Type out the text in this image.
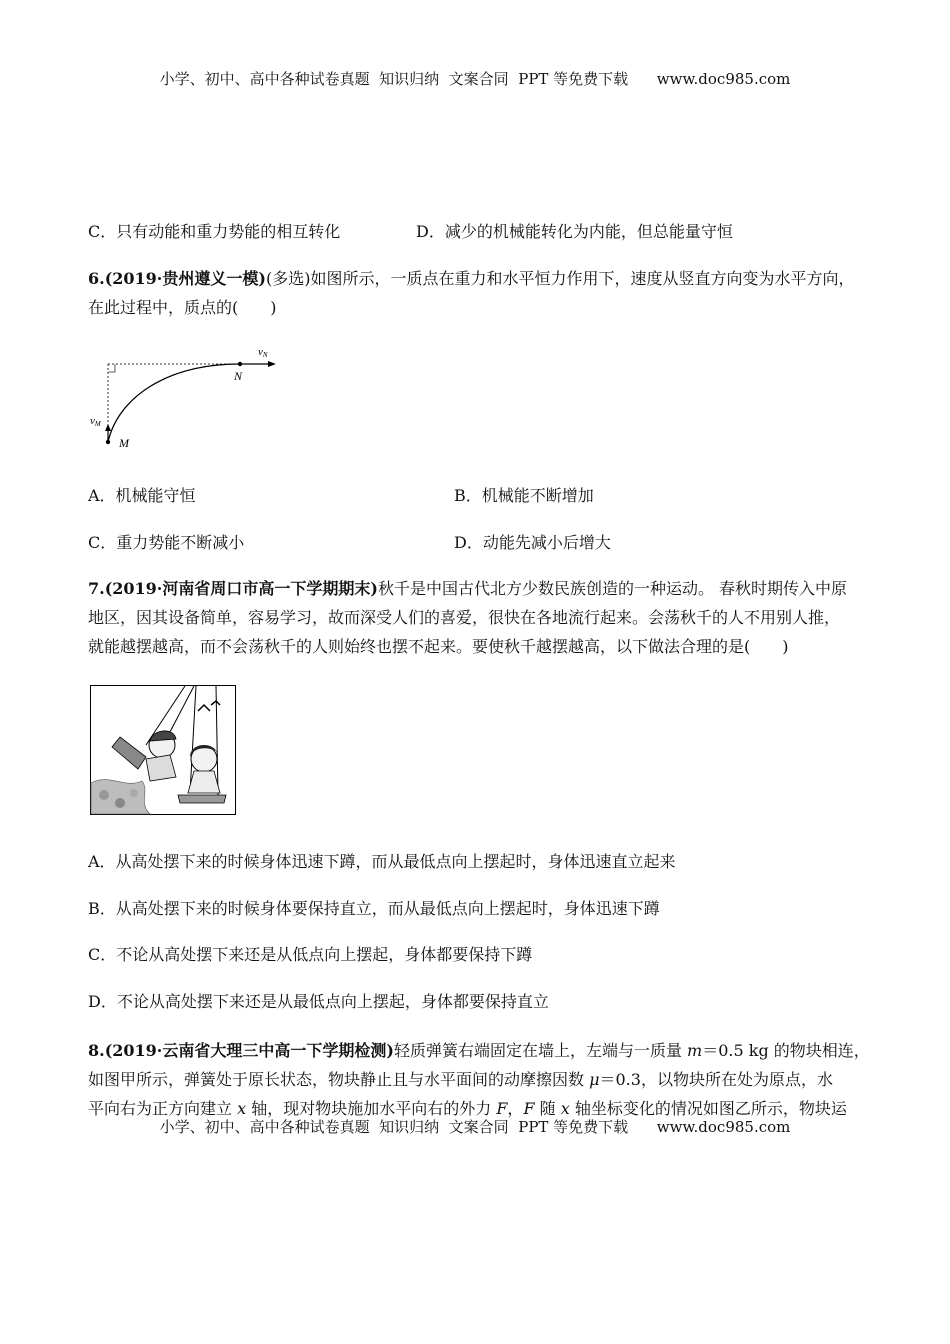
小学、初中、高中各种试卷真题  知识归纳  文案合同  PPT 等免费下载      www.doc985.com
C．只有动能和重力势能的相互转化	D．减少的机械能转化为内能，但总能量守恒
6.(2019·贵州遵义一模)(多选)如图所示，一质点在重力和水平恒力作用下，速度从竖直方向变为水平方向，
在此过程中，质点的(　　)
vN
N
vM
M
A．机械能守恒	B．机械能不断增加
C．重力势能不断减小	D．动能先减小后增大
7.(2019·河南省周口市高一下学期期末)秋千是中国古代北方少数民族创造的一种运动。 春秋时期传入中原
地区，因其设备简单，容易学习，故而深受人们的喜爱，很快在各地流行起来。会荡秋千的人不用别人推，
就能越摆越高，而不会荡秋千的人则始终也摆不起来。要使秋千越摆越高，以下做法合理的是(　　)
A．从高处摆下来的时候身体迅速下蹲，而从最低点向上摆起时，身体迅速直立起来
B．从高处摆下来的时候身体要保持直立，而从最低点向上摆起时，身体迅速下蹲
C．不论从高处摆下来还是从低点向上摆起，身体都要保持下蹲
D．不论从高处摆下来还是从最低点向上摆起，身体都要保持直立
8.(2019·云南省大理三中高一下学期检测)轻质弹簧右端固定在墙上，左端与一质量 m＝0.5 kg 的物块相连，
如图甲所示，弹簧处于原长状态，物块静止且与水平面间的动摩擦因数 μ＝0.3，以物块所在处为原点，水
平向右为正方向建立 x 轴，现对物块施加水平向右的外力 F，F 随 x 轴坐标变化的情况如图乙所示，物块运
小学、初中、高中各种试卷真题  知识归纳  文案合同  PPT 等免费下载      www.doc985.com
